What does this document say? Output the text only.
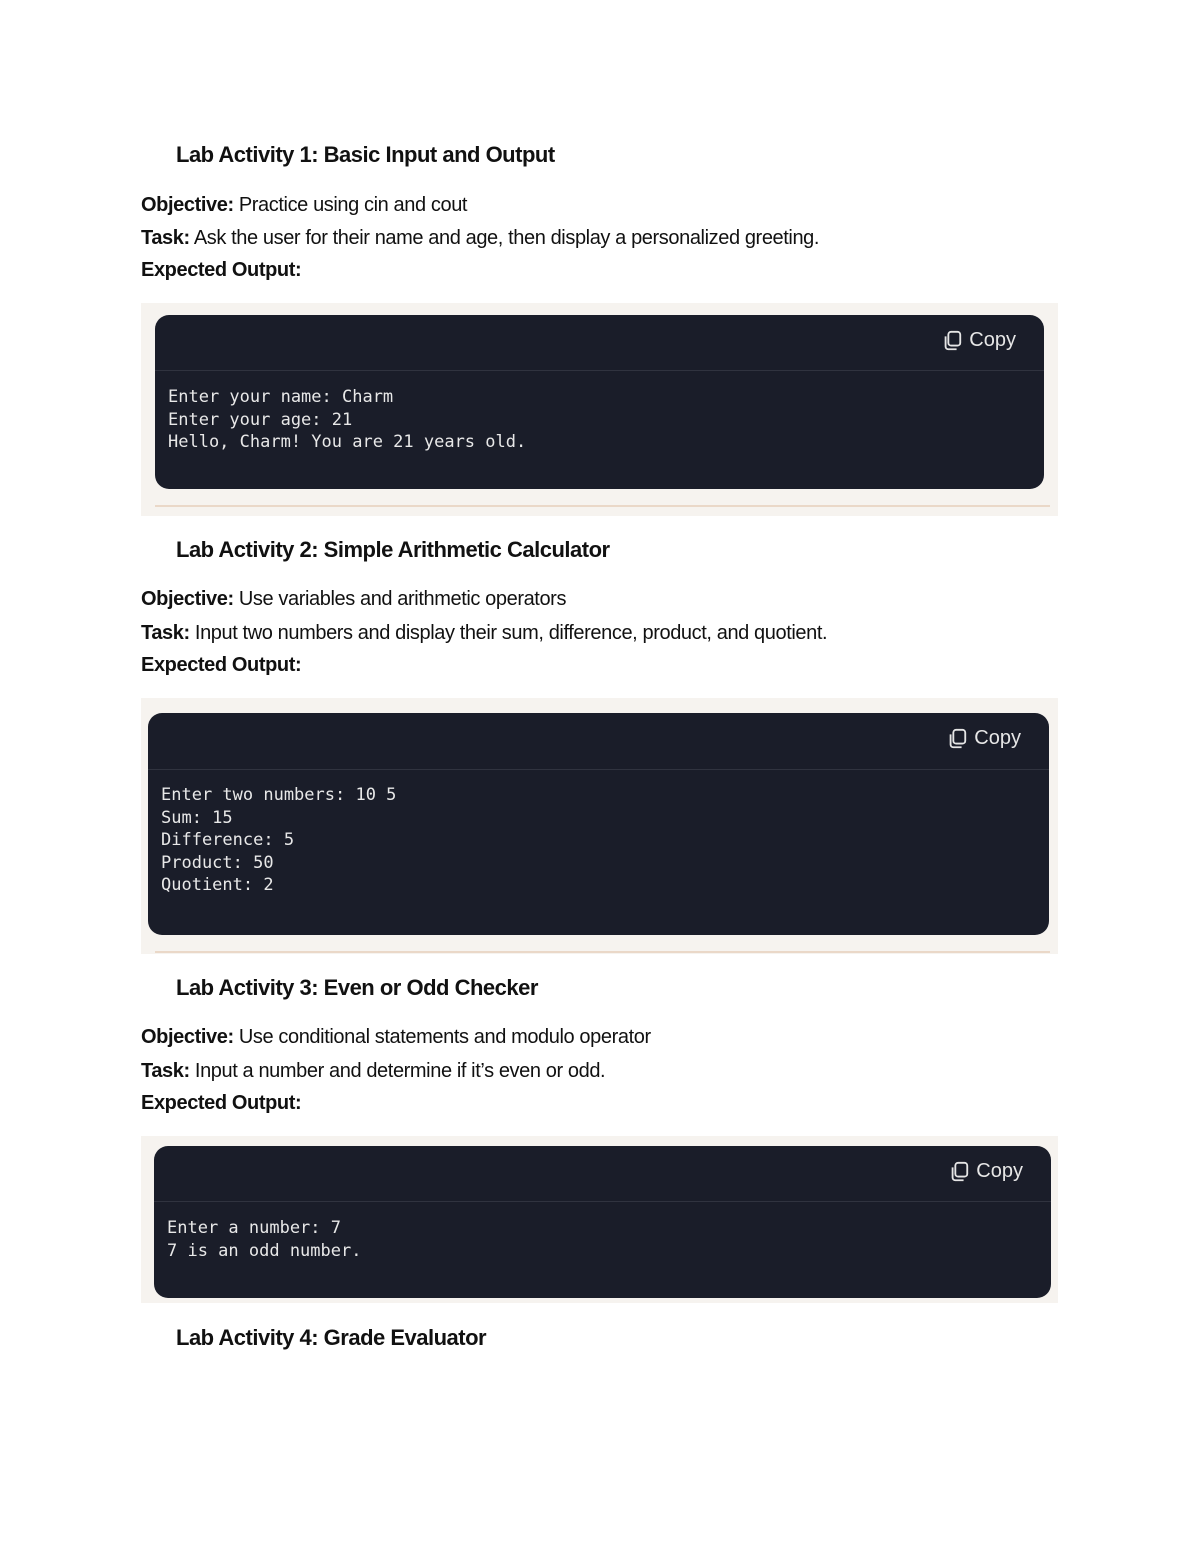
Lab Activity 1: Basic Input and Output
Objective: Practice using cin and cout
Task: Ask the user for their name and age, then display a personalized greeting.
Expected Output:
Copy
Enter your name: Charm
Enter your age: 21
Hello, Charm! You are 21 years old.
Lab Activity 2: Simple Arithmetic Calculator
Objective: Use variables and arithmetic operators
Task: Input two numbers and display their sum, difference, product, and quotient.
Expected Output:
Copy
Enter two numbers: 10 5
Sum: 15
Difference: 5
Product: 50
Quotient: 2
Lab Activity 3: Even or Odd Checker
Objective: Use conditional statements and modulo operator
Task: Input a number and determine if it’s even or odd.
Expected Output:
Copy
Enter a number: 7
7 is an odd number.
Lab Activity 4: Grade Evaluator
